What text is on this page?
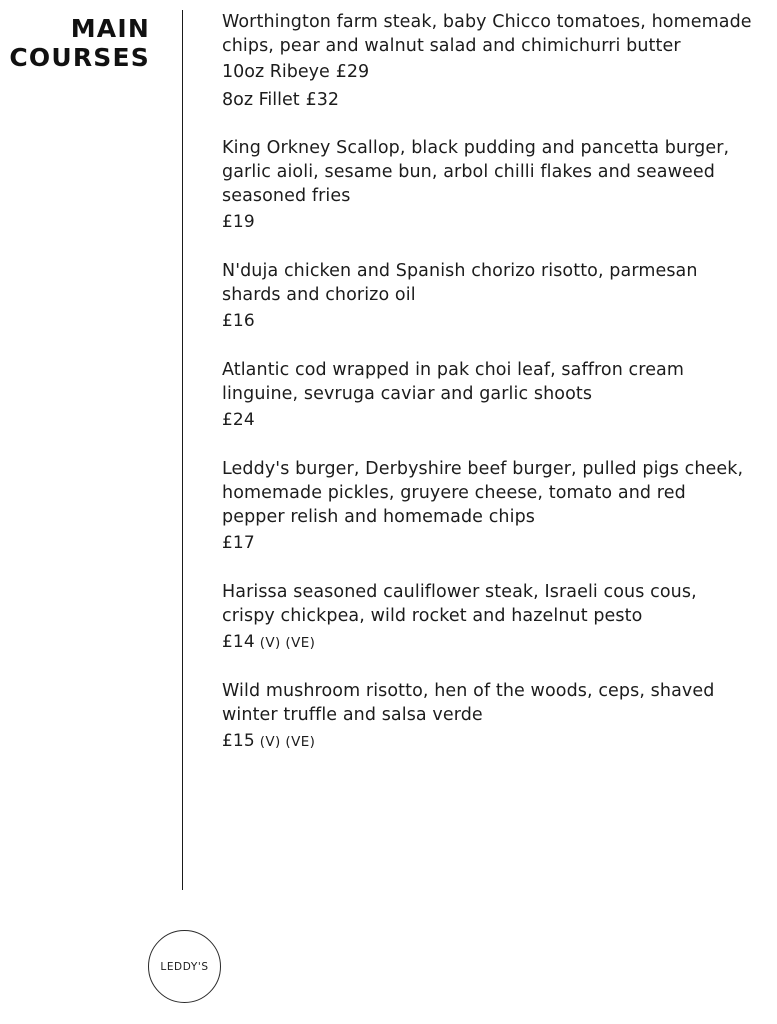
MAIN
COURSES
Worthington farm steak, baby Chicco tomatoes, homemade chips, pear and walnut salad and chimichurri butter
10oz Ribeye £29
8oz Fillet £32
King Orkney Scallop, black pudding and pancetta burger, garlic aioli, sesame bun, arbol chilli flakes and seaweed seasoned fries
£19
N'duja chicken and Spanish chorizo risotto, parmesan shards and chorizo oil
£16
Atlantic cod wrapped in pak choi leaf, saffron cream linguine, sevruga caviar and garlic shoots
£24
Leddy's burger, Derbyshire beef burger, pulled pigs cheek, homemade pickles, gruyere cheese, tomato and red pepper relish and homemade chips
£17
Harissa seasoned cauliflower steak, Israeli cous cous, crispy chickpea, wild rocket and hazelnut pesto
£14 (V) (VE)
Wild mushroom risotto, hen of the woods, ceps, shaved winter truffle and salsa verde
£15 (V) (VE)
LEDDY'S
